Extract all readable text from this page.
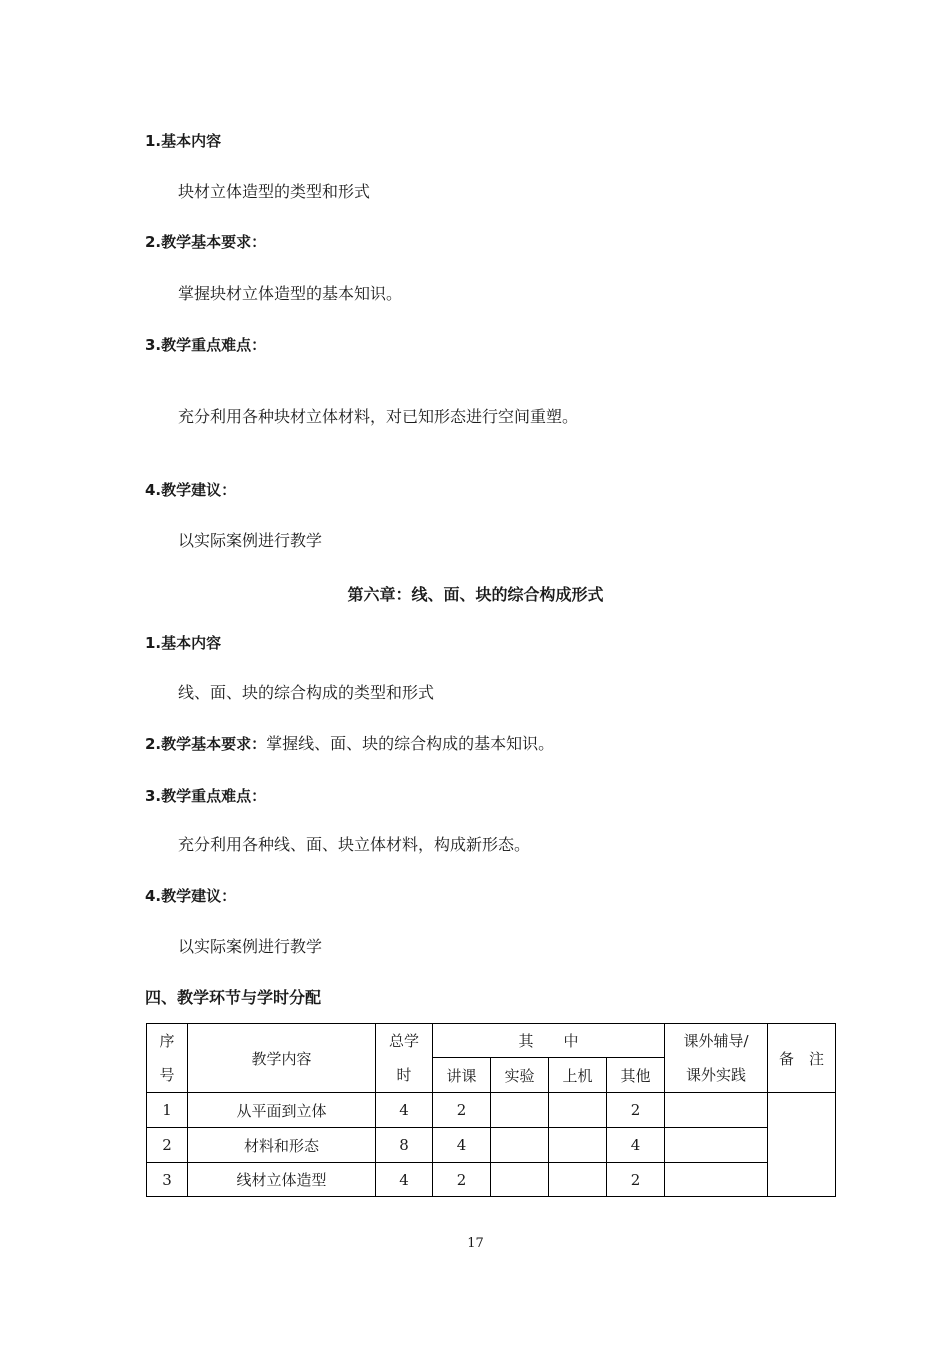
1.基本内容
块材立体造型的类型和形式
2.教学基本要求：
掌握块材立体造型的基本知识。
3.教学重点难点：
充分利用各种块材立体材料，对已知形态进行空间重塑。
4.教学建议：
以实际案例进行教学
第六章：线、面、块的综合构成形式
1.基本内容
线、面、块的综合构成的类型和形式
2.教学基本要求：掌握线、面、块的综合构成的基本知识。
3.教学重点难点：
充分利用各种线、面、块立体材料，构成新形态。
4.教学建议：
以实际案例进行教学
四、教学环节与学时分配
序	教学内容	总学	其　　中				课外辅导/	备　注
号		时	讲课	实验	上机	其他	课外实践	
1	从平面到立体	4	2			2		
2	材料和形态	8	4			4		
3	线材立体造型	4	2			2		
17
